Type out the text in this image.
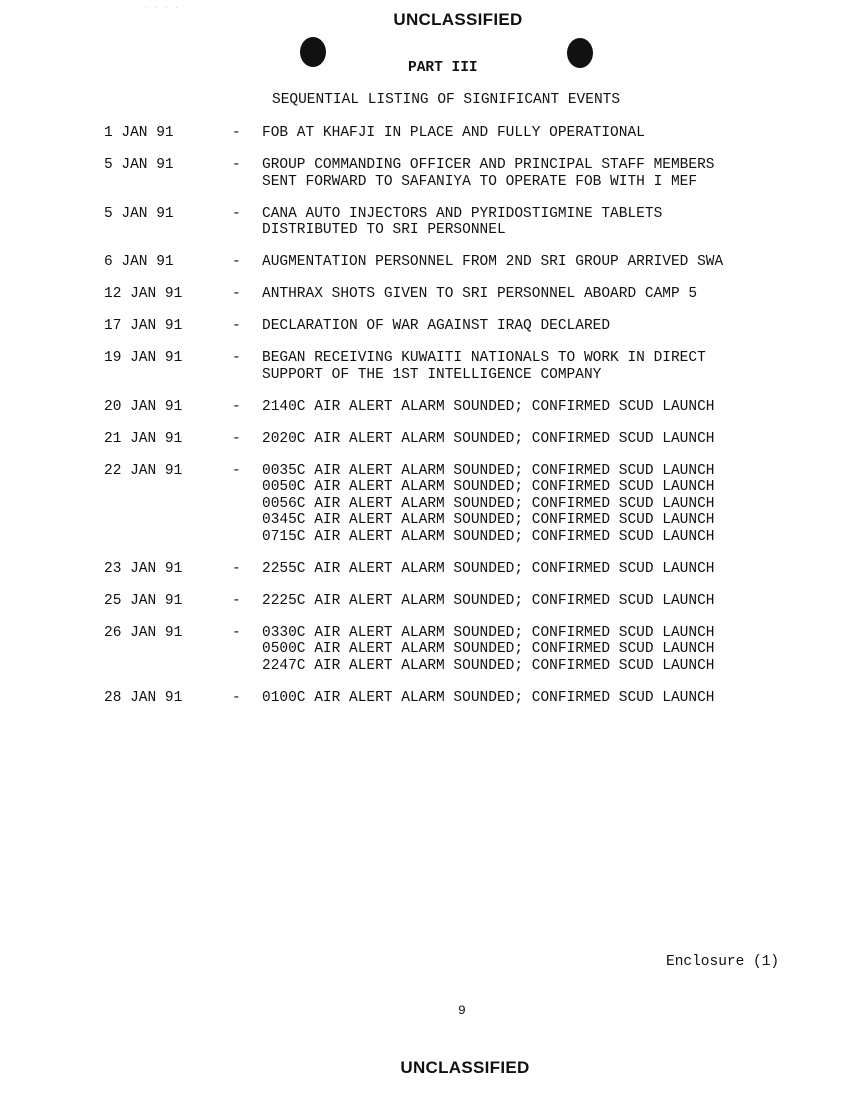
· · · ·
UNCLASSIFIED
PART III
SEQUENTIAL LISTING OF SIGNIFICANT EVENTS
1 JAN 91	- FOB AT KHAFJI IN PLACE AND FULLY OPERATIONAL
5 JAN 91	- GROUP COMMANDING OFFICER AND PRINCIPAL STAFF MEMBERS
SENT FORWARD TO SAFANIYA TO OPERATE FOB WITH I MEF
5 JAN 91	- CANA AUTO INJECTORS AND PYRIDOSTIGMINE TABLETS
DISTRIBUTED TO SRI PERSONNEL
6 JAN 91	- AUGMENTATION PERSONNEL FROM 2ND SRI GROUP ARRIVED SWA
12 JAN 91	- ANTHRAX SHOTS GIVEN TO SRI PERSONNEL ABOARD CAMP 5
17 JAN 91	- DECLARATION OF WAR AGAINST IRAQ DECLARED
19 JAN 91	- BEGAN RECEIVING KUWAITI NATIONALS TO WORK IN DIRECT
SUPPORT OF THE 1ST INTELLIGENCE COMPANY
20 JAN 91	- 2140C AIR ALERT ALARM SOUNDED; CONFIRMED SCUD LAUNCH
21 JAN 91	- 2020C AIR ALERT ALARM SOUNDED; CONFIRMED SCUD LAUNCH
22 JAN 91	- 0035C AIR ALERT ALARM SOUNDED; CONFIRMED SCUD LAUNCH
0050C AIR ALERT ALARM SOUNDED; CONFIRMED SCUD LAUNCH
0056C AIR ALERT ALARM SOUNDED; CONFIRMED SCUD LAUNCH
0345C AIR ALERT ALARM SOUNDED; CONFIRMED SCUD LAUNCH
0715C AIR ALERT ALARM SOUNDED; CONFIRMED SCUD LAUNCH
23 JAN 91	- 2255C AIR ALERT ALARM SOUNDED; CONFIRMED SCUD LAUNCH
25 JAN 91	- 2225C AIR ALERT ALARM SOUNDED; CONFIRMED SCUD LAUNCH
26 JAN 91	- 0330C AIR ALERT ALARM SOUNDED; CONFIRMED SCUD LAUNCH
0500C AIR ALERT ALARM SOUNDED; CONFIRMED SCUD LAUNCH
2247C AIR ALERT ALARM SOUNDED; CONFIRMED SCUD LAUNCH
28 JAN 91	- 0100C AIR ALERT ALARM SOUNDED; CONFIRMED SCUD LAUNCH
Enclosure (1)
9
UNCLASSIFIED
